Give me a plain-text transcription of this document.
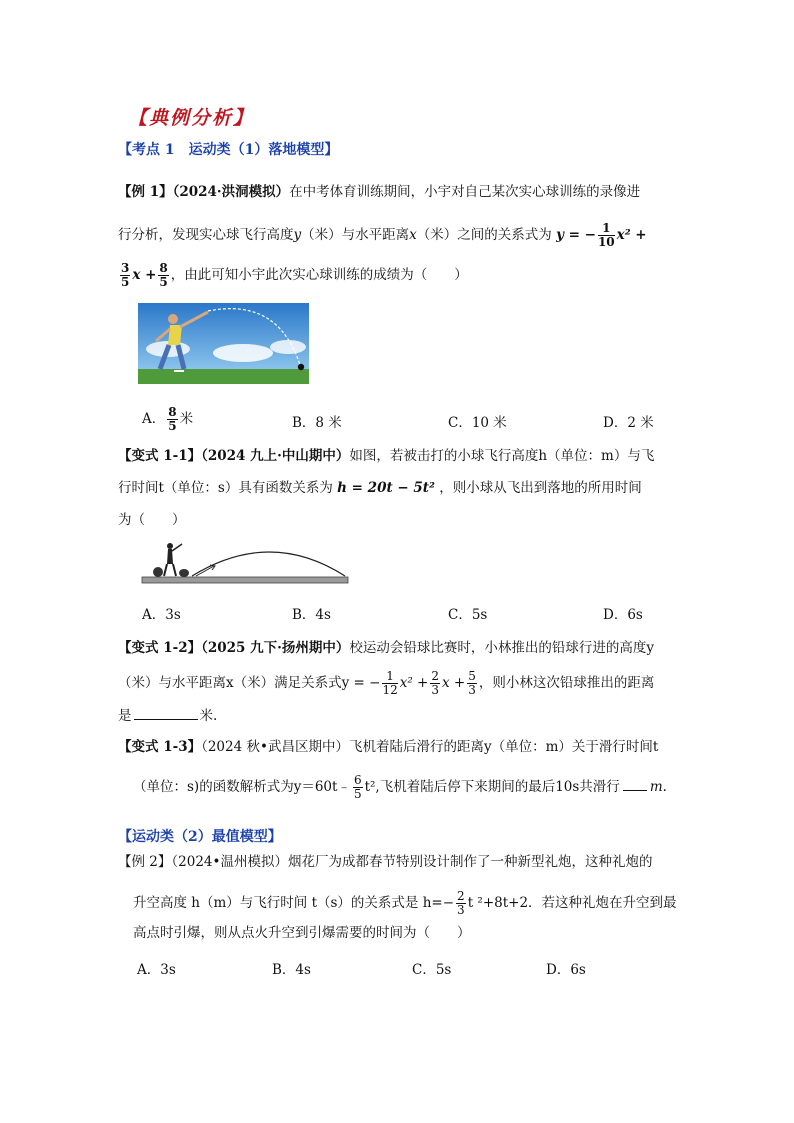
【典例分析】
【考点 1　运动类（1）落地模型】
【例 1】（2024·洪洞模拟）在中考体育训练期间，小宇对自己某次实心球训练的录像进
行分析，发现实心球飞行高度y（米）与水平距离x（米）之间的关系式为 y = − $\frac{1}{10} x^2$ +
$\frac{3}{5}$ $x + \frac{8}{5}$ ，由此可知小宇此次实心球训练的成绩为（　　）
A． $\frac{8}{5}$ 米	B．8 米	C．10 米	D．2 米
【变式 1-1】（2024 九上·中山期中）如图，若被击打的小球飞行高度h（单位：m）与飞
行时间t（单位：s）具有函数关系为 h = 20t − 5t² ，则小球从飞出到落地的所用时间
为（　　）
A．3s	B．4s	C．5s	D．6s
【变式 1-2】（2025 九下·扬州期中）校运动会铅球比赛时，小林推出的铅球行进的高度y
（米）与水平距离x（米）满足关系式y = − $\frac{1}{12} x^2 + \frac{2}{3}$ $x + \frac{5}{3}$ ，则小林这次铅球推出的距离
是	米.
【变式 1-3】（2024 秋•武昌区期中）飞机着陆后滑行的距离y（单位：m）关于滑行时间t
（单位：s)的函数解析式为y＝60t﹣ $\frac{6}{5} t^2$,飞机着陆后停下来期间的最后10s共滑行 m.
【运动类（2）最值模型】
【例 2】（2024•温州模拟）烟花厂为成都春节特别设计制作了一种新型礼炮，这种礼炮的
升空高度 h（m）与飞行时间 t（s）的关系式是 $h=- \frac{2}{3}$ t ²+8t+2．若这种礼炮在升空到最
高点时引爆，则从点火升空到引爆需要的时间为（　　）
A．3s	B．4s	C．5s	D．6s
